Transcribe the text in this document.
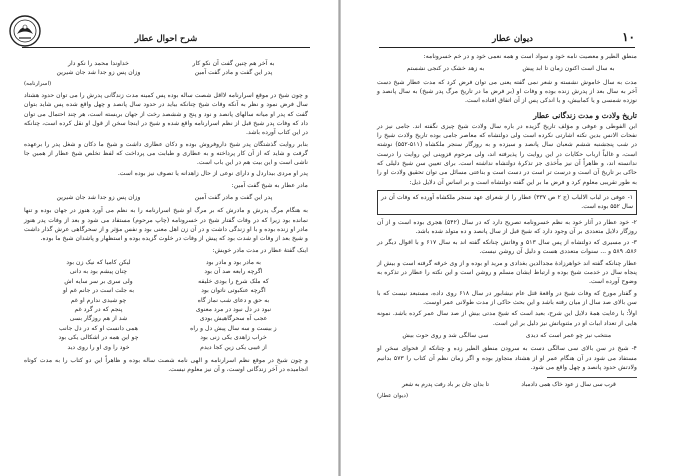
شرح احوال عطار
به آخر هم چنین گفت آن نکو کار
خداوندا محمد را نکو دار
پدر این گفت و مادر گفت آمین
وزان پس زو جدا شد جان شیرین
(اسرارنامه)

و چون شیخ در موقع اسرارنامه لااقل شصت ساله بوده پس کمینه مدت زندگانی پدرش را می توان حدود هشتاد سال فرض نمود و نظر به آنکه وفات شیخ چنانکه بیاید در حدود سال پانصد و چهل واقع شده پس شاید بتوان گفت که پدر او میانه سالهای پانصد و نود و پنج و ششصد رخت از جهان بربسته است، هر چند احتمال می توان داد که وفات پدر شیخ قبل از نظم اسرارنامه واقع شده و شیخ در اینجا سخن از قول او نقل کرده است، چنانکه در این کتاب آورده باشد.

بنابر روایت گذشتگان پدر شیخ داروفروش بوده و دکان عطاری داشت و شیخ ما دکان و شغل پدر را برعهده گرفت و شاید که از آن کار پرداخته و به عطاری و طبابت می پرداخت که لفظ تخلص شیخ عطار از همین جا ناشی است و این بیت هم در این باب است.

پدر او مردی بیداردل و دارای نوعی از حال زاهدانه یا تصوف نیز بوده است.

مادر عطار به شیخ گفت آمین:

پدر این گفت و مادر گفت آمین
وزان پس زو جدا شد جان شیرین

به هنگام مرگ پدرش و مادرش که بر مرگ او شیخ اسرارنامه را به نظم می آورد هنوز در جهان بوده و تنها نمانده بود زیرا که در وفات گفتار شیخ در خسرونامه (چاپ مرحوم) مستفاد می شود و بعد از وفات پدر هنوز مادر او زنده بوده و با او زندگی داشت و در آن زن اهل معنی بود و نفس مؤثر و از سحرگاهی عرش گذار داشت و شیخ بعد از وفات او شدت بود که پیش از وفات در خلوت گزیده بوده و استظهار و پاشدان شیخ ما بوده.

اینک گفتهٔ عطار در مدت مادر خویش:

به مادر بود و مادر بود
لیکن کامیا که نیک زن بود
اگرچه رابعه صد آن بود
چنان پیشم بود به دانی
که ملک شرع را بودی خلیفه
ولی سری بر سر سایه اش
اگرچه عنکبوتی ناتوان بود
به جلت است در جانم غم او
به حق و دعای شب نماز گاه
چو شیدی ندارم او غم
نبود در دل نبود در مرد معنوی
پنجم که در گرد غم
عجب آه سحرگاهیش بودی
شد از هم روزگار بسی
ز بیست و سه سال پیش دل و راه
همی دانست او که در دل جانب
خراب زاهدی یکی زنی بود
چو این همه در اشکالی یکی بود
از غیبی یکی زین کجا دیدم
خود را وی او را روی دید

و چون شیخ در موقع نظم اسرارنامه و الهی نامه شصت ساله بوده و ظاهراً این دو کتاب را به مدت کوتاه انجامیده در آخر زندگانی اوست، و آن نیز معلوم نیست.

۱۰
دیوان عطار

منطق الطیر و معصیت نامه خود و سواد است و همه نعمی خود و در خم خسرونامه:

به سال است اکنون زمان تا ابد پیش
به زهد خشک در کنجی نشستم

مدت به سال خاموش نشسته و شعر نمی گفته یعنی می توان فرض کرد که مدت عطار شیخ دست آخر به سال بعد از پدرش زنده بوده و وفات او (بر فرض ما در تاریخ مرگ پدر شیخ) به سال پانصد و نوزده شمسی و یا کمابیش، و یا اندکی پس از آن اتفاق افتاده است.

تاریخ ولادت و مدت زندگانی عطار

ابن الفوطی و عوفی و مؤلف تاریخ گزیده در باره سال ولادت شیخ چیزی نگفته اند. جامی نیز در نفحات الانس بدین نکته اشارتی نکرده است ولی دولتشاه که معاصر جامی بوده تاریخ ولادت شیخ را در شب پنجشنبه ششم شعبان سال پانصد و سیزده و به روزگار سنجر ملکشاه (۵۱۱-۵۵۲) نوشته است، و غالباً ارباب حکایات در این روایت را پذیرفته اند، ولی مرحوم قزوینی این روایت را درست ندانسته اند، و ظاهراً آن نیز مأخذی جز تذکرهٔ دولتشاه نداشته است. برای تعیین سن شیخ دلیلی که حاکی بر تاریخ آن است و درست تر است در دست است و بناعتی مسائل می توان تحقیق ولادت او را به طور تقریبی معلوم کرد و فرض ما بر این گفته دولتشاه است و بر اساس آن دلایل ذیل:

۱- عوفی در لباب الالباب (ج ۲ ص ۳۳۷) عطار را از شعرای عهد سنجر ملکشاه آورده که وفات آن در سال ۵۵۲ بوده است.

۲- خود عطار در آثار خود به نظم خسرونامه تصریح دارد که در سال (۵۴۲) هجری بوده است و از آن روزگار دلایل متعددی بر آن وجود دارد که شیخ قبل از سال پانصد و ده متولد شده باشد.

۳- در مسیری که دولتشاه از پس سال ۵۱۳ و وفاتش چنانکه گفته اند به سال ۶۱۷ و با اقوال دیگر در ۵۸۶، ۵۸۹ و ... سنوات متعددی هست و دلیل آن روشن نیست.

عطار چنانکه گفته اند خواهرزادهٔ مجدالدین بغدادی و مرید او بوده و از وی خرقه گرفته است و بیش از پنجاه سال در خدمت شیخ بوده و ارتباط ایشان مسلم و روشن است و این نکته را عطار در تذکره به وضوح آورده است.

و گفتار مورخ که وفات شیخ در واقعهٔ قتل عام نیشابور در سال ۶۱۸ روی داده، مستبعد نیست که با سن بالای صد سال از میان رفته باشد و این بحث حاکی از مدت طولانی عمر اوست.

اولاً: با رعایت همهٔ دلایل این شرح، بعید است که شیخ مدتی بیش از صد سال عمر کرده باشد. نمونه هایی از تعداد ابیات او در مثنویاتش نیز دلیل بر این است.

منتخب نیز چو عمر است که دیدی
سی سالگی شد و روی حوت بیش

۴- شیخ در سن بالای سی سالگی دست به سرودن منطق الطیر زده و چنانکه از فحوای سخن او مستفاد می شود در آن هنگام عمر او از هشتاد متجاوز بوده و اگر زمان نظم آن کتاب را ۵۷۳ بدانیم ولادتش حدود پانصد و چهل واقع می شود.

قرب سی سال ز عود خاک همی دادمباد
تا بدان جان بر باد رفت پدرم به شعر
(دیوان عطار)
